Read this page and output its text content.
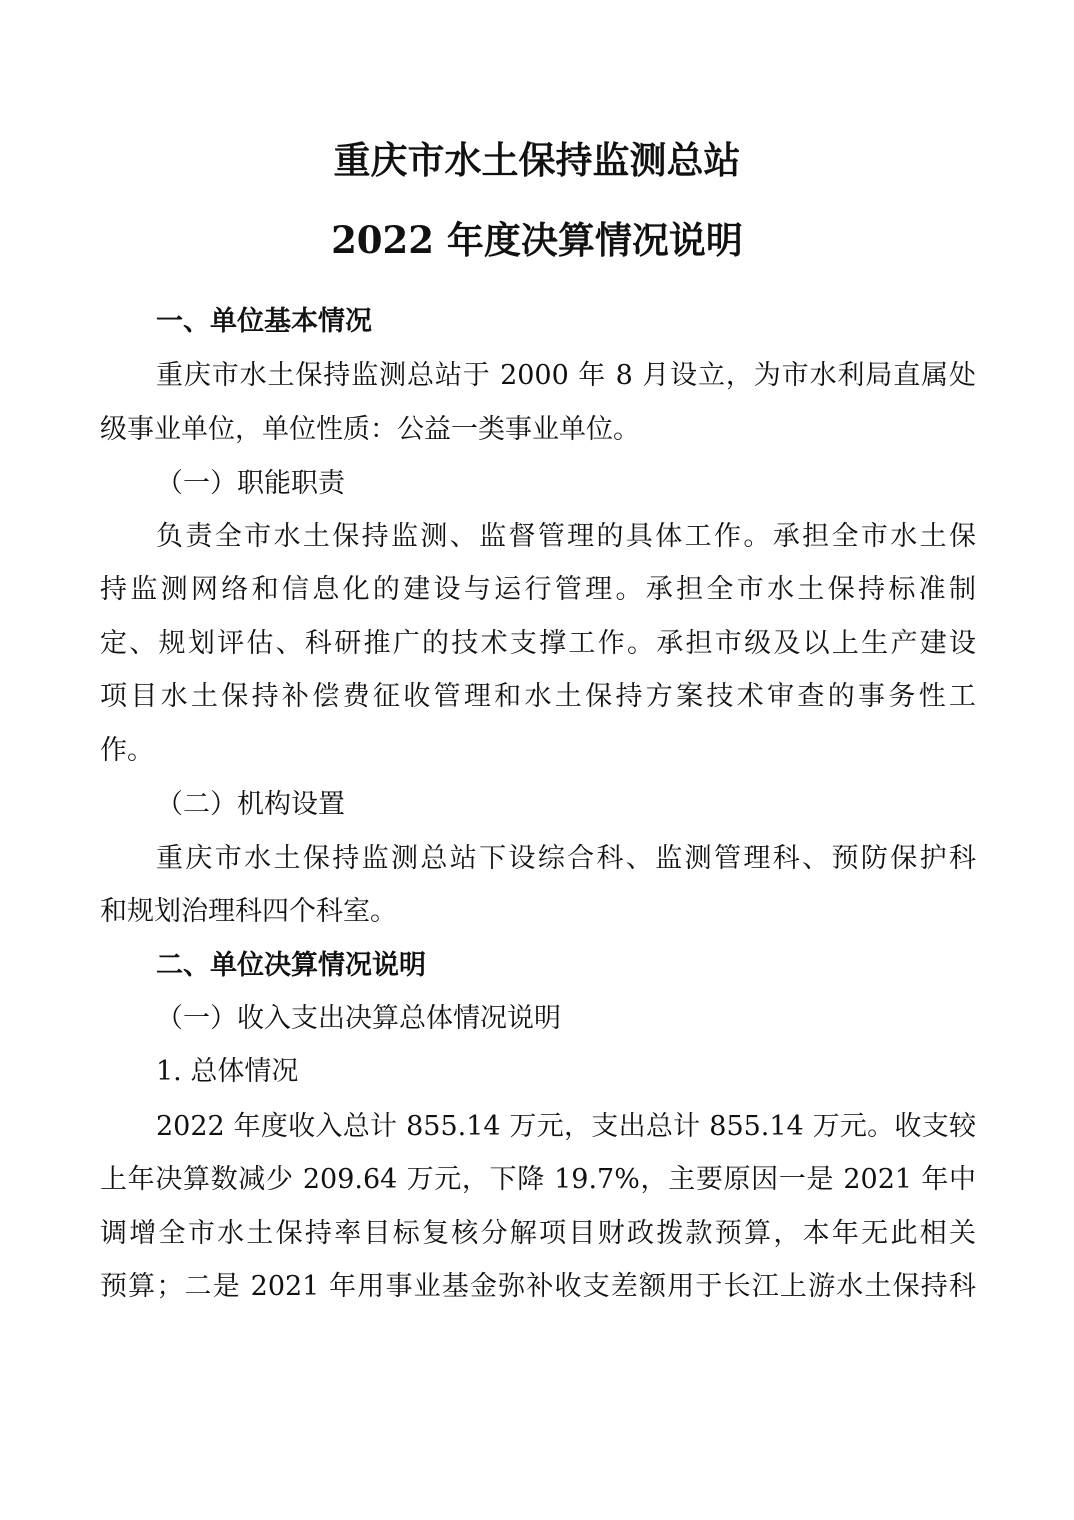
重庆市水土保持监测总站
2022 年度决算情况说明
一、单位基本情况
重庆市水土保持监测总站于 2000 年 8 月设立，为市水利局直属处
级事业单位，单位性质：公益一类事业单位。
（一）职能职责
负责全市水土保持监测、监督管理的具体工作。承担全市水土保
持监测网络和信息化的建设与运行管理。承担全市水土保持标准制
定、规划评估、科研推广的技术支撑工作。承担市级及以上生产建设
项目水土保持补偿费征收管理和水土保持方案技术审查的事务性工
作。
（二）机构设置
重庆市水土保持监测总站下设综合科、监测管理科、预防保护科
和规划治理科四个科室。
二、单位决算情况说明
（一）收入支出决算总体情况说明
1. 总体情况
2022 年度收入总计 855.14 万元，支出总计 855.14 万元。收支较
上年决算数减少 209.64 万元，下降 19.7%，主要原因一是 2021 年中
调增全市水土保持率目标复核分解项目财政拨款预算，本年无此相关
预算；二是 2021 年用事业基金弥补收支差额用于长江上游水土保持科
